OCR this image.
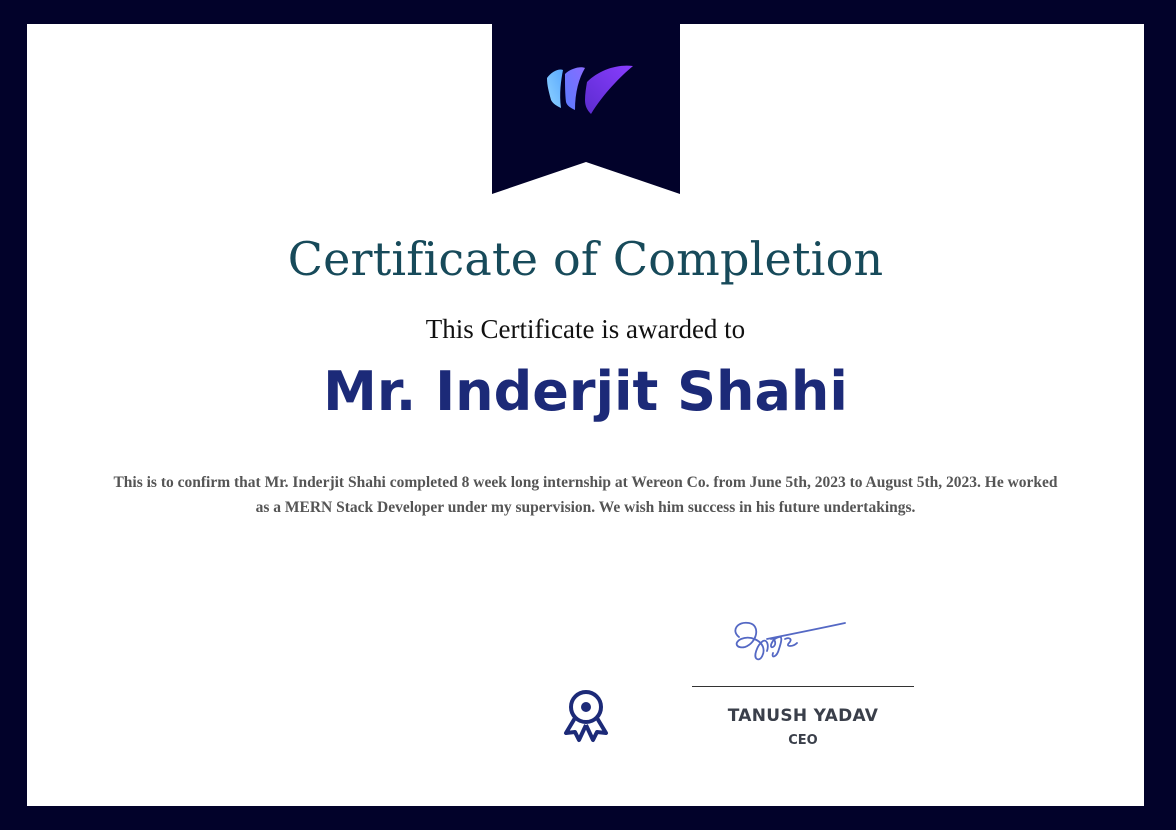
Certificate of Completion
This Certificate is awarded to
Mr. Inderjit Shahi
This is to confirm that Mr. Inderjit Shahi completed 8 week long internship at Wereon Co. from June 5th, 2023 to August 5th, 2023. He worked as a MERN Stack Developer under my supervision. We wish him success in his future undertakings.
TANUSH YADAV
CEO
